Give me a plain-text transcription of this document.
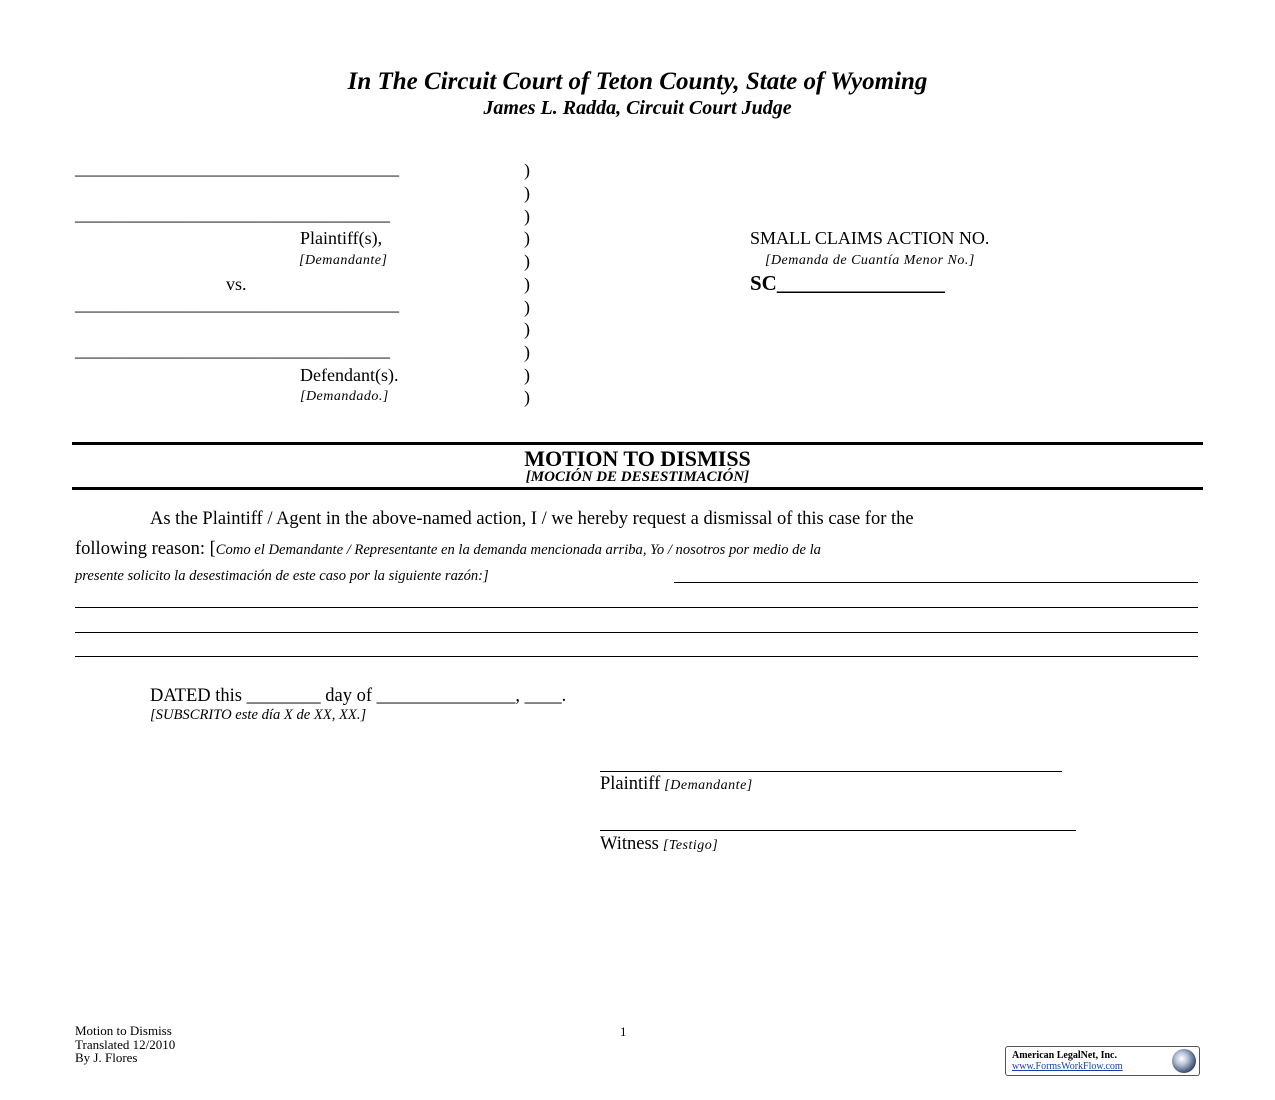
In The Circuit Court of Teton County, State of Wyoming
James L. Radda, Circuit Court Judge
____________________________________
___________________________________
Plaintiff(s),
[Demandante]
vs.
____________________________________
___________________________________
Defendant(s).
[Demandado.]
)
)
)
)
)
)
)
)
)
)
)
SMALL CLAIMS ACTION NO.
[Demanda de Cuantía Menor No.]
SC________________
MOTION TO DISMISS
[MOCIÓN DE DESESTIMACIÓN]
As the Plaintiff / Agent in the above-named action, I / we hereby request a dismissal of this case for the
following reason: [Como el Demandante / Representante en la demanda mencionada arriba, Yo / nosotros por medio de la
presente solicito la desestimación de este caso por la siguiente razón:]
DATED this ________ day of _______________, ____.
[SUBSCRITO este día X de XX, XX.]
Plaintiff [Demandante]
Witness [Testigo]
Motion to Dismiss
Translated 12/2010
By J. Flores
1
American LegalNet, Inc.
www.FormsWorkFlow.com
